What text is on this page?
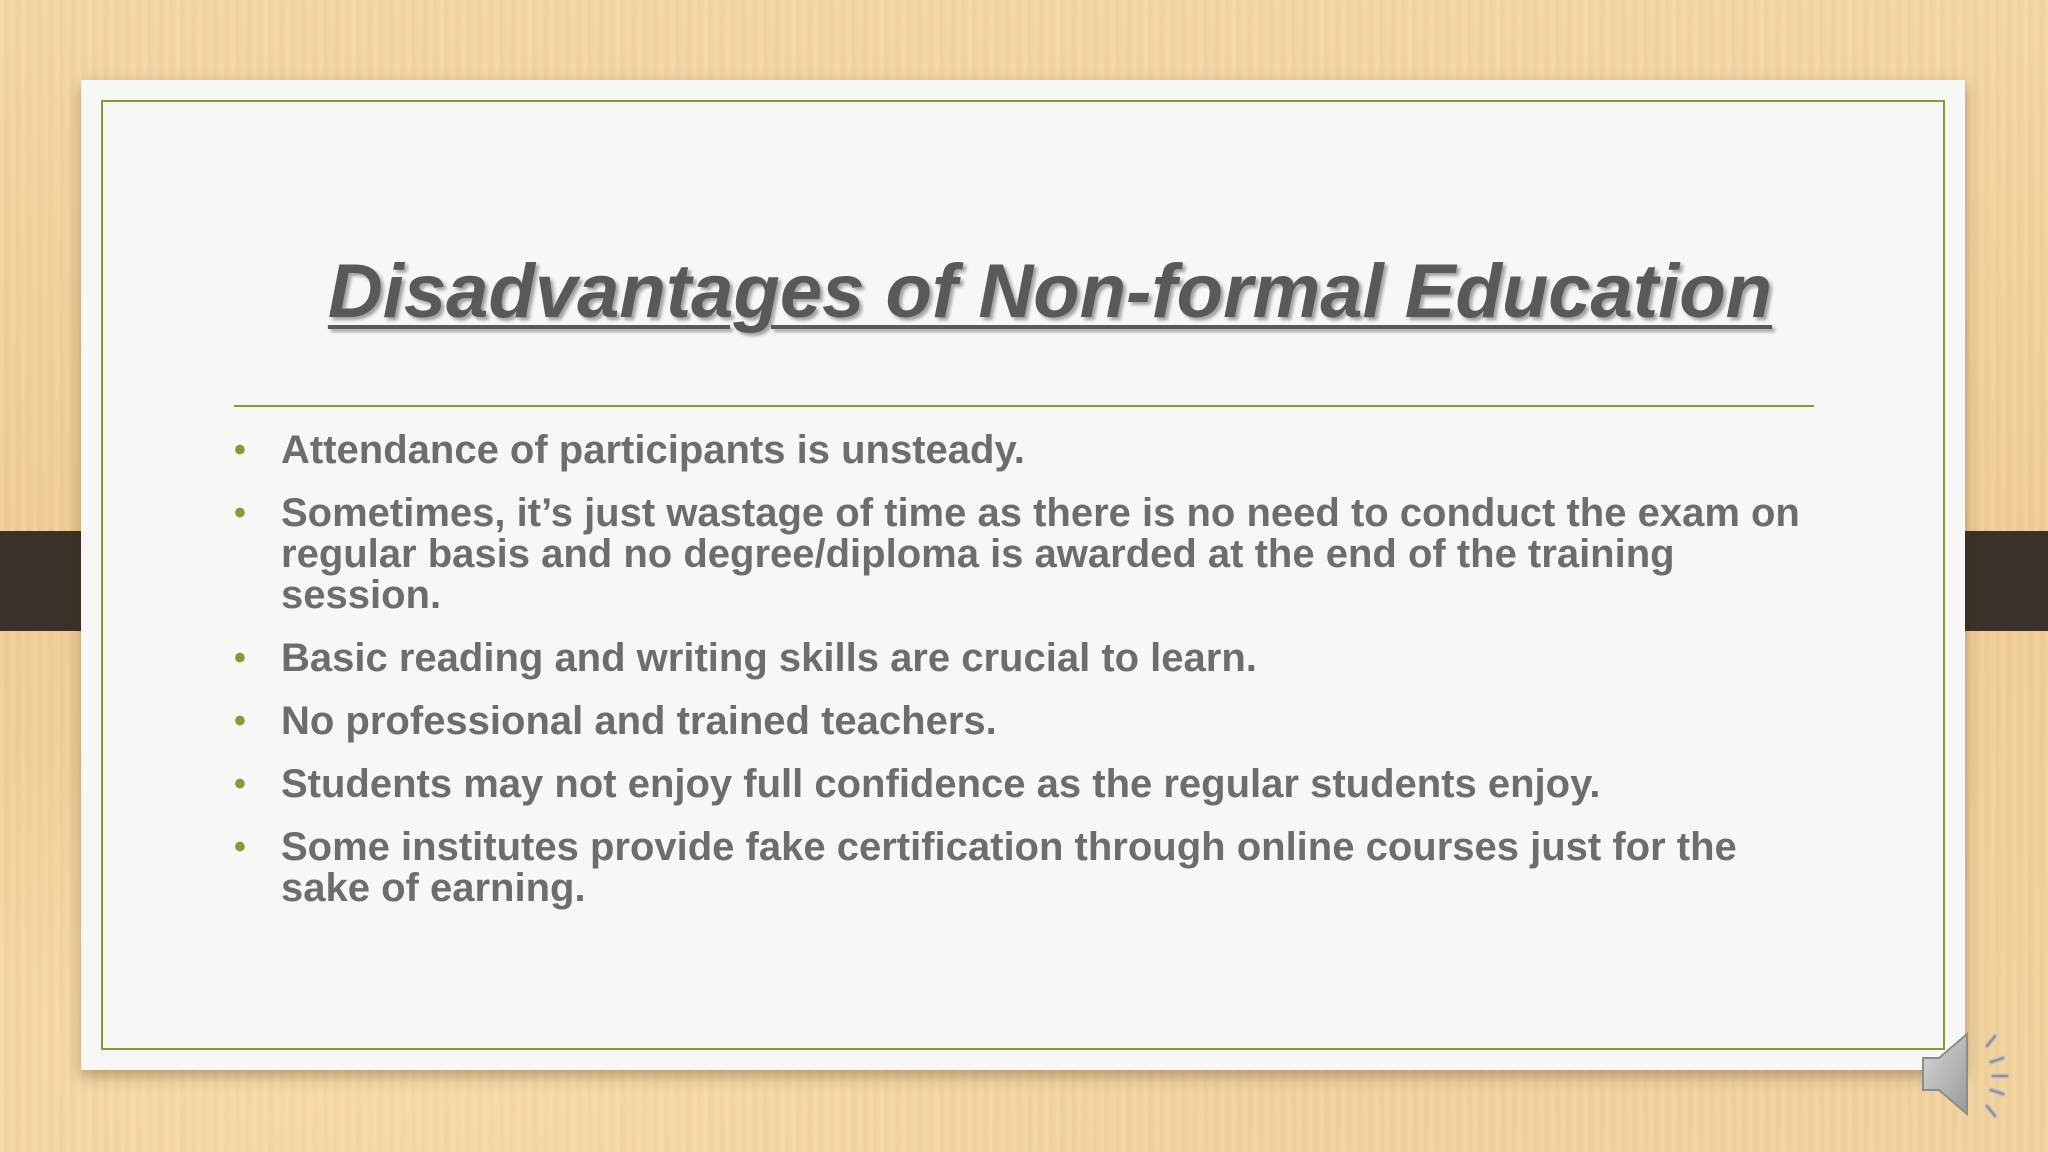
Disadvantages of Non-formal Education
• Attendance of participants is unsteady.
• Sometimes, it’s just wastage of time as there is no need to conduct the exam on regular basis and no degree/diploma is awarded at the end of the training session.
• Basic reading and writing skills are crucial to learn.
• No professional and trained teachers.
• Students may not enjoy full confidence as the regular students enjoy.
• Some institutes provide fake certification through online courses just for the sake of earning.
